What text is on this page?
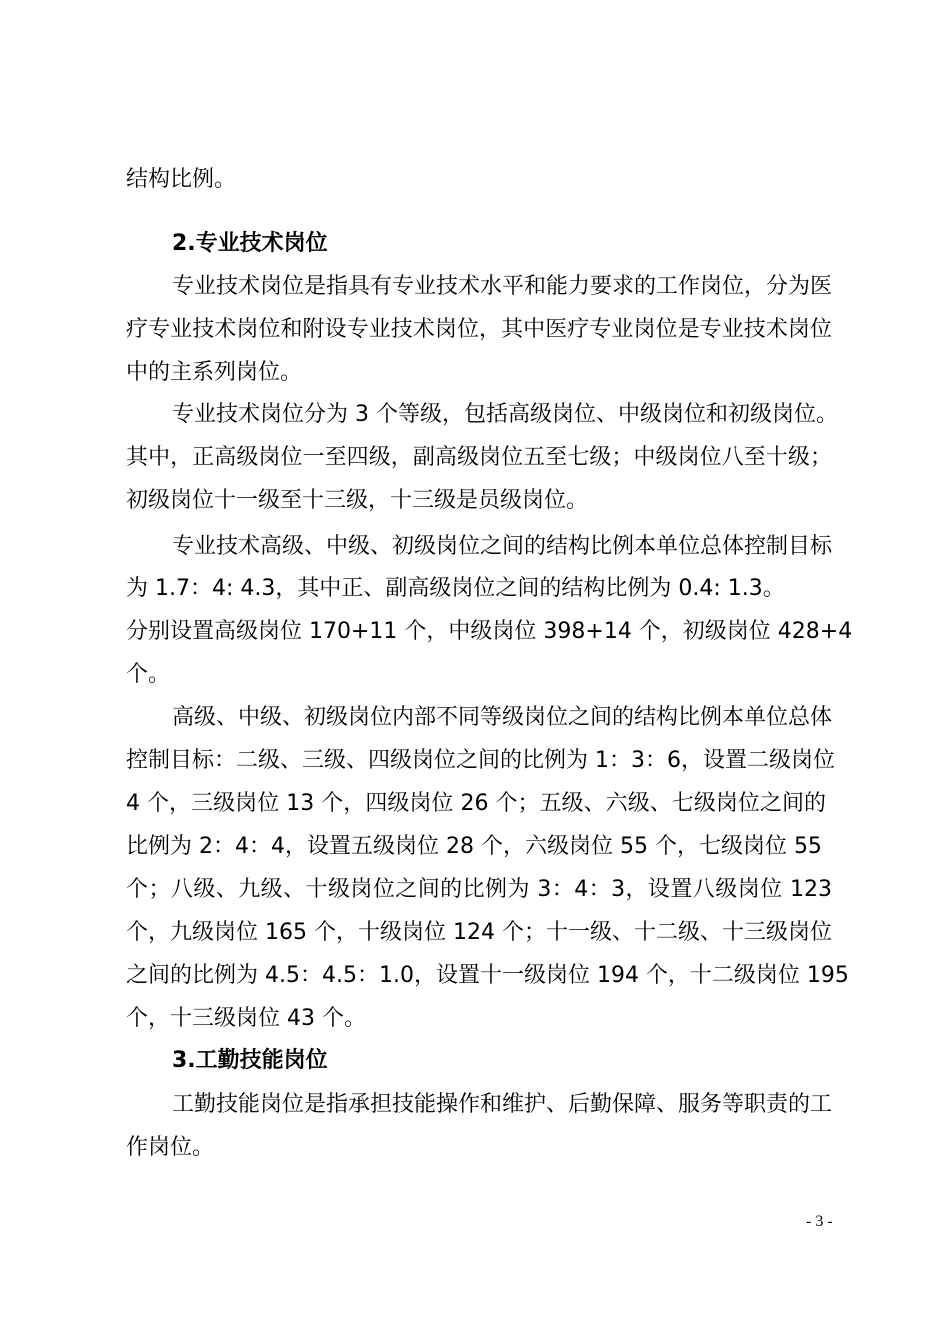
结构比例。
2.专业技术岗位
专业技术岗位是指具有专业技术水平和能力要求的工作岗位，分为医
疗专业技术岗位和附设专业技术岗位，其中医疗专业岗位是专业技术岗位
中的主系列岗位。
专业技术岗位分为 3 个等级，包括高级岗位、中级岗位和初级岗位。
其中，正高级岗位一至四级，副高级岗位五至七级；中级岗位八至十级；
初级岗位十一级至十三级，十三级是员级岗位。
专业技术高级、中级、初级岗位之间的结构比例本单位总体控制目标
为 1.7：4: 4.3，其中正、副高级岗位之间的结构比例为 0.4: 1.3。
分别设置高级岗位 170+11 个，中级岗位 398+14 个，初级岗位 428+4
个。
高级、中级、初级岗位内部不同等级岗位之间的结构比例本单位总体
控制目标：二级、三级、四级岗位之间的比例为 1：3：6，设置二级岗位
4 个，三级岗位 13 个，四级岗位 26 个；五级、六级、七级岗位之间的
比例为 2：4：4，设置五级岗位 28 个，六级岗位 55 个，七级岗位 55
个；八级、九级、十级岗位之间的比例为 3：4：3，设置八级岗位 123
个，九级岗位 165 个，十级岗位 124 个；十一级、十二级、十三级岗位
之间的比例为 4.5：4.5：1.0，设置十一级岗位 194 个，十二级岗位 195
个，十三级岗位 43 个。
3.工勤技能岗位
工勤技能岗位是指承担技能操作和维护、后勤保障、服务等职责的工
作岗位。
- 3 -
